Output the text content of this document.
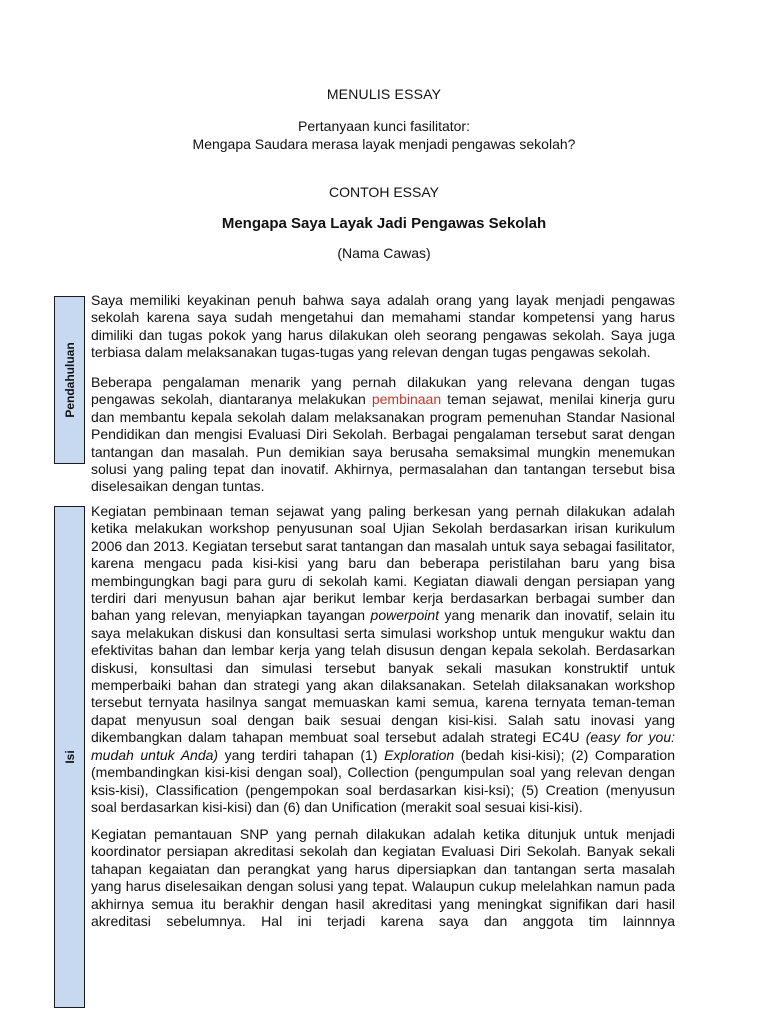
MENULIS ESSAY
Pertanyaan kunci fasilitator:
Mengapa Saudara merasa layak menjadi pengawas sekolah?
CONTOH ESSAY
Mengapa Saya Layak Jadi Pengawas Sekolah
(Nama Cawas)
Pendahuluan
Isi

Saya memiliki keyakinan penuh bahwa saya adalah orang yang layak menjadi pengawas sekolah karena saya sudah mengetahui dan memahami standar kompetensi yang harus dimiliki dan tugas pokok yang harus dilakukan oleh seorang pengawas sekolah. Saya juga terbiasa dalam melaksanakan tugas-tugas yang relevan dengan tugas pengawas sekolah.

Beberapa pengalaman menarik yang pernah dilakukan yang relevana dengan tugas pengawas sekolah, diantaranya melakukan pembinaan teman sejawat, menilai kinerja guru dan membantu kepala sekolah dalam melaksanakan program pemenuhan Standar Nasional Pendidikan dan mengisi Evaluasi Diri Sekolah. Berbagai pengalaman tersebut sarat dengan tantangan dan masalah. Pun demikian saya berusaha semaksimal mungkin menemukan solusi yang paling tepat dan inovatif. Akhirnya, permasalahan dan tantangan tersebut bisa diselesaikan dengan tuntas.

Kegiatan pembinaan teman sejawat yang paling berkesan yang pernah dilakukan adalah ketika melakukan workshop penyusunan soal Ujian Sekolah berdasarkan irisan kurikulum 2006 dan 2013. Kegiatan tersebut sarat tantangan dan masalah untuk saya sebagai fasilitator, karena mengacu pada kisi-kisi yang baru dan beberapa peristilahan baru yang bisa membingungkan bagi para guru di sekolah kami. Kegiatan diawali dengan persiapan yang terdiri dari menyusun bahan ajar berikut lembar kerja berdasarkan berbagai sumber dan bahan yang relevan, menyiapkan tayangan powerpoint yang menarik dan inovatif, selain itu saya melakukan diskusi dan konsultasi serta simulasi workshop untuk mengukur waktu dan efektivitas bahan dan lembar kerja yang telah disusun dengan kepala sekolah. Berdasarkan diskusi, konsultasi dan simulasi tersebut banyak sekali masukan konstruktif untuk memperbaiki bahan dan strategi yang akan dilaksanakan. Setelah dilaksanakan workshop tersebut ternyata hasilnya sangat memuaskan kami semua, karena ternyata teman-teman dapat menyusun soal dengan baik sesuai dengan kisi-kisi. Salah satu inovasi yang dikembangkan dalam tahapan membuat soal tersebut adalah strategi EC4U (easy for you: mudah untuk Anda) yang terdiri tahapan (1) Exploration (bedah kisi-kisi); (2) Comparation (membandingkan kisi-kisi dengan soal), Collection (pengumpulan soal yang relevan dengan ksis-kisi), Classification (pengempokan soal berdasarkan kisi-ksi); (5) Creation (menyusun soal berdasarkan kisi-kisi) dan (6) dan Unification (merakit soal sesuai kisi-kisi).

Kegiatan pemantauan SNP yang pernah dilakukan adalah ketika ditunjuk untuk menjadi koordinator persiapan akreditasi sekolah dan kegiatan Evaluasi Diri Sekolah. Banyak sekali tahapan kegaiatan dan perangkat yang harus dipersiapkan dan tantangan serta masalah yang harus diselesaikan dengan solusi yang tepat. Walaupun cukup melelahkan namun pada akhirnya semua itu berakhir dengan hasil akreditasi yang meningkat signifikan dari hasil akreditasi sebelumnya. Hal ini terjadi karena saya dan anggota tim lainnnya
